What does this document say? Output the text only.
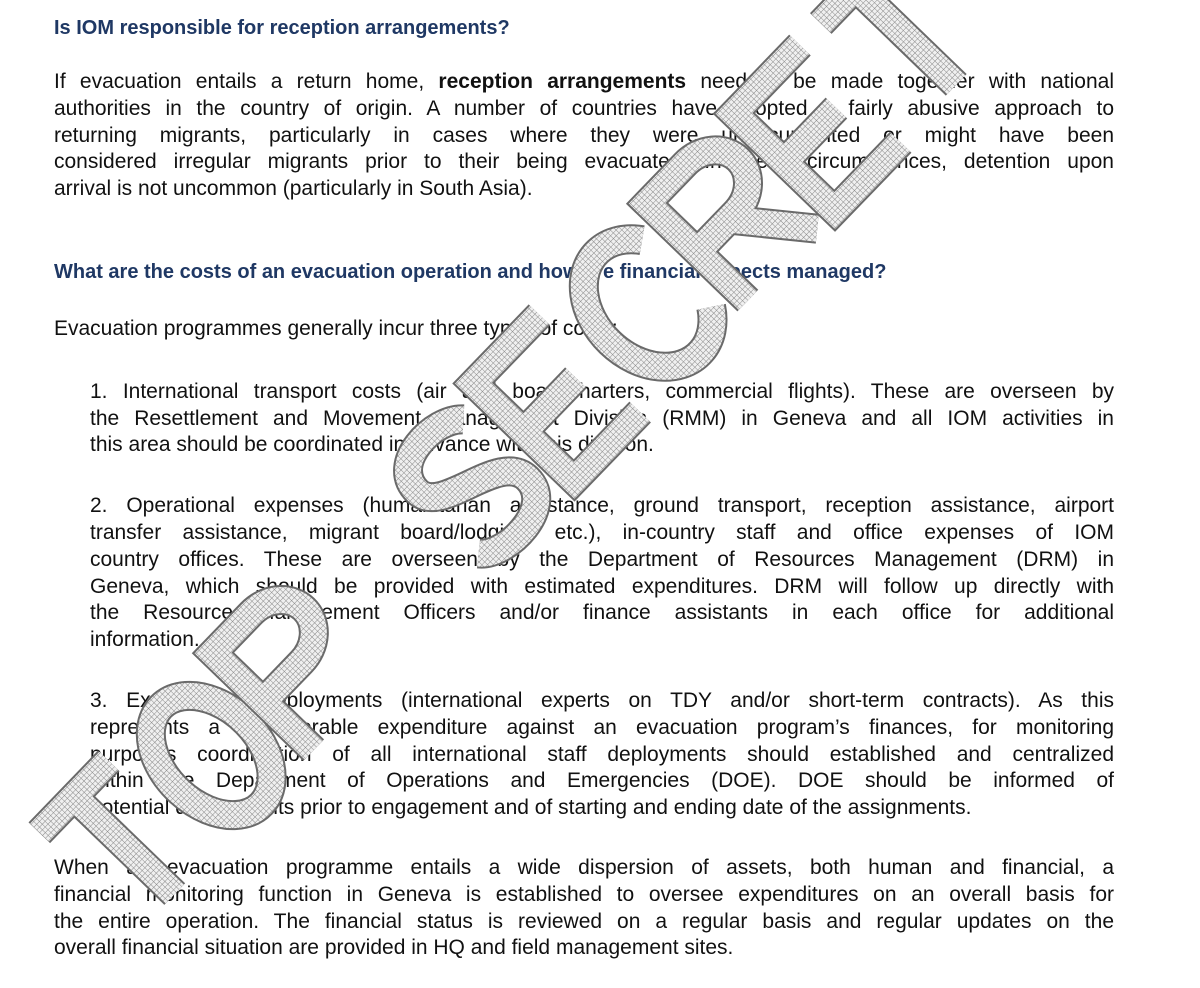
Is IOM responsible for reception arrangements?
If evacuation entails a return home, reception arrangements need to be made together with national
authorities in the country of origin. A number of countries have adopted a fairly abusive approach to
returning migrants, particularly in cases where they were undocumented or might have been
considered irregular migrants prior to their being evacuated. In these circumstances, detention upon
arrival is not uncommon (particularly in South Asia).
What are the costs of an evacuation operation and how are financial aspects managed?
Evacuation programmes generally incur three types of costs:
1. International transport costs (air and boat charters, commercial flights). These are overseen by
the Resettlement and Movement Management Division (RMM) in Geneva and all IOM activities in
this area should be coordinated in advance with this division.
2. Operational expenses (humanitarian assistance, ground transport, reception assistance, airport
transfer assistance, migrant board/lodging, etc.), in-country staff and office expenses of IOM
country offices. These are overseen by the Department of Resources Management (DRM) in
Geneva, which should be provided with estimated expenditures. DRM will follow up directly with
the Resource Management Officers and/or finance assistants in each office for additional
information.
3. Expert staff deployments (international experts on TDY and/or short-term contracts). As this
represents a considerable expenditure against an evacuation program’s finances, for monitoring
purposes coordination of all international staff deployments should established and centralized
within the Department of Operations and Emergencies (DOE). DOE should be informed of
potential deployments prior to engagement and of starting and ending date of the assignments.
When an evacuation programme entails a wide dispersion of assets, both human and financial, a
financial monitoring function in Geneva is established to oversee expenditures on an overall basis for
the entire operation. The financial status is reviewed on a regular basis and regular updates on the
overall financial situation are provided in HQ and field management sites.
